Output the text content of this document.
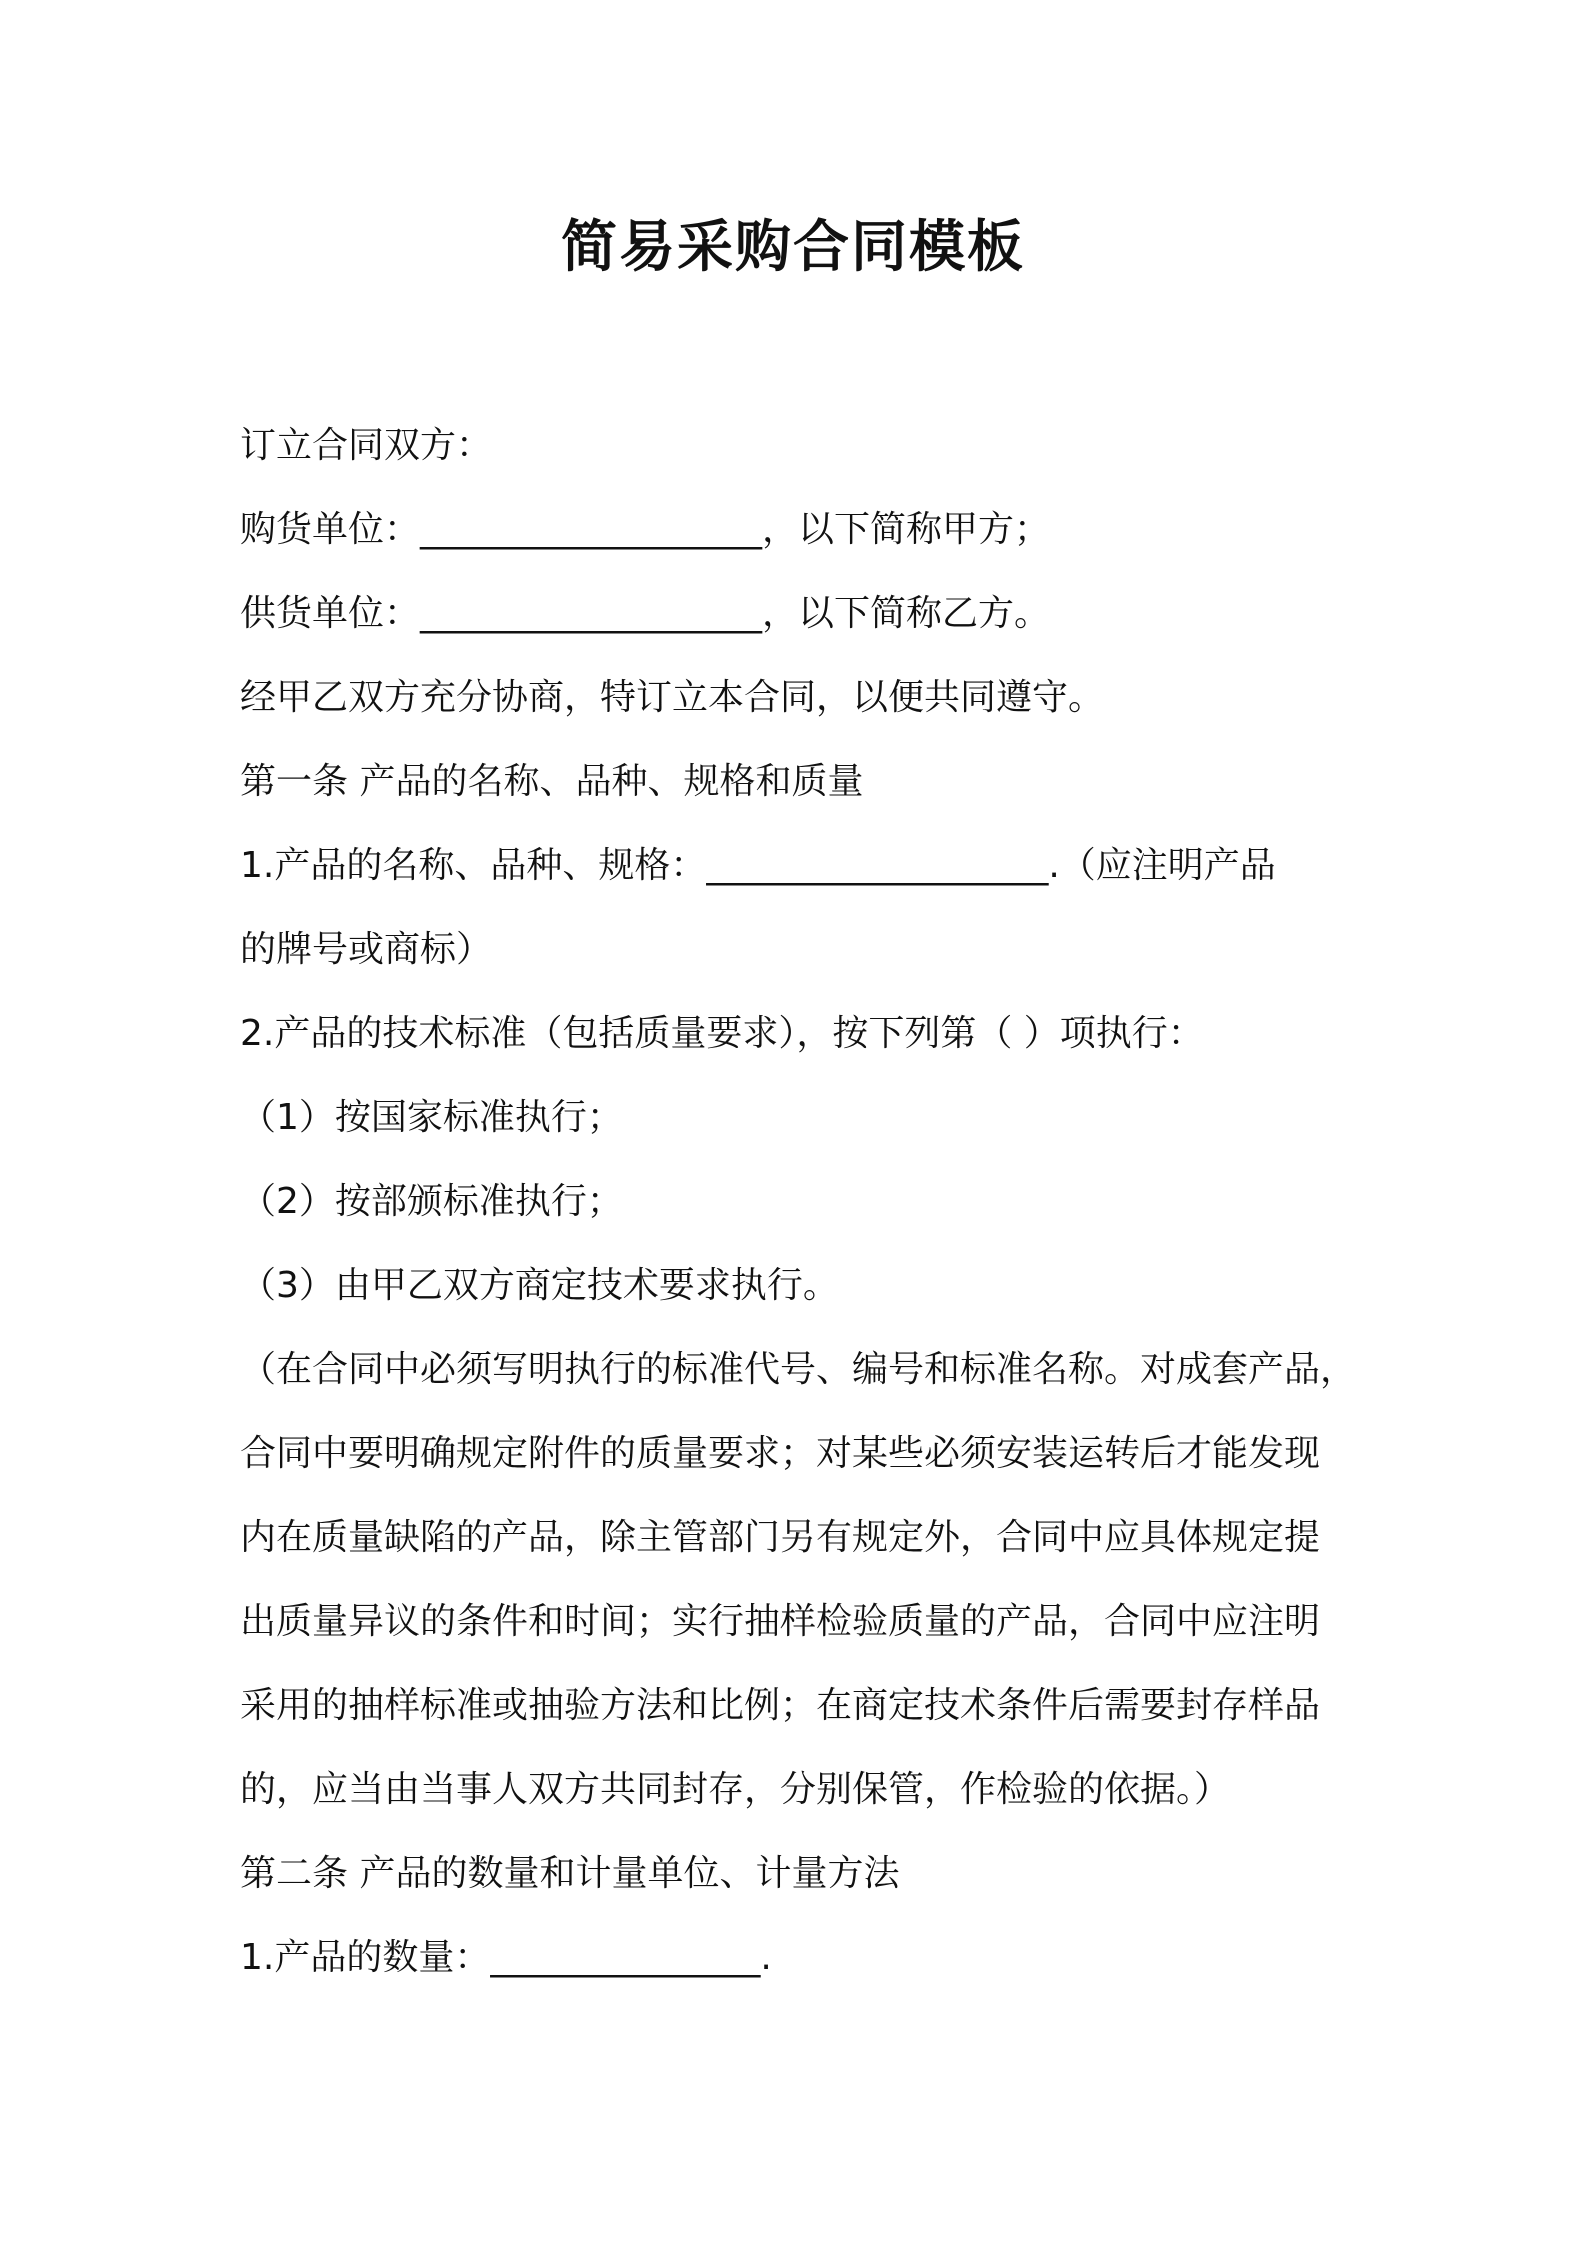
简易采购合同模板

订立合同双方：

购货单位：___________________，以下简称甲方；

供货单位：___________________，以下简称乙方。

经甲乙双方充分协商，特订立本合同，以便共同遵守。

第一条 产品的名称、品种、规格和质量

1.产品的名称、品种、规格：___________________.（应注明产品

的牌号或商标）

2.产品的技术标准（包括质量要求），按下列第（ ）项执行：

（1）按国家标准执行；

（2）按部颁标准执行；

（3）由甲乙双方商定技术要求执行。

（在合同中必须写明执行的标准代号、编号和标准名称。对成套产品，

合同中要明确规定附件的质量要求；对某些必须安装运转后才能发现

内在质量缺陷的产品，除主管部门另有规定外，合同中应具体规定提

出质量异议的条件和时间；实行抽样检验质量的产品，合同中应注明

采用的抽样标准或抽验方法和比例；在商定技术条件后需要封存样品

的，应当由当事人双方共同封存，分别保管，作检验的依据。）

第二条 产品的数量和计量单位、计量方法

1.产品的数量：_______________.
